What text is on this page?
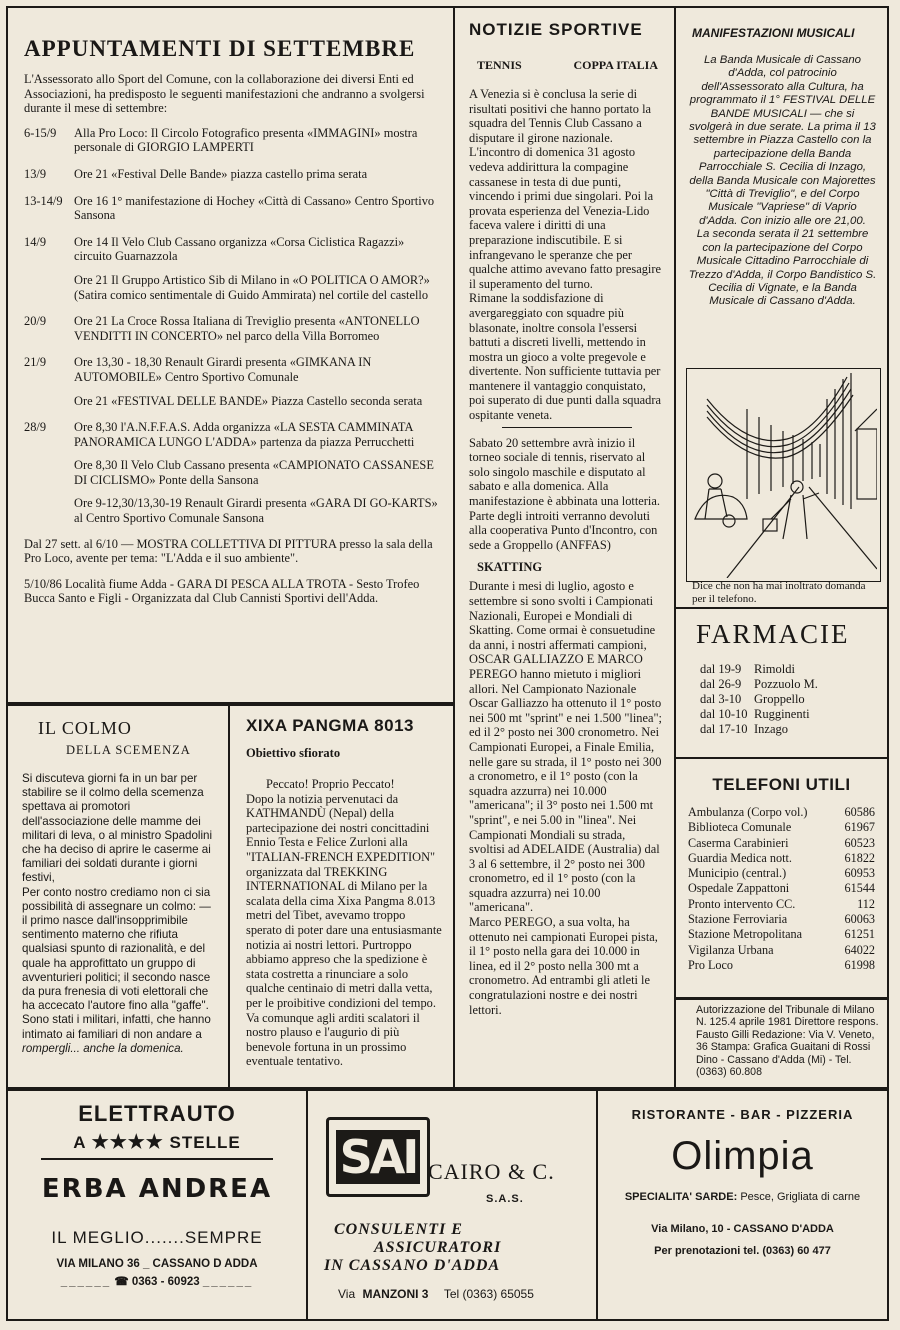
APPUNTAMENTI DI SETTEMBRE

L'Assessorato allo Sport del Comune, con la collaborazione dei diversi Enti ed Associazioni, ha predisposto le seguenti manifestazioni che andranno a svolgersi durante il mese di settembre:

6-15/9	Alla Pro Loco: Il Circolo Fotografico presenta «IMMAGINI» mostra personale di GIORGIO LAMPERTI

13/9	Ore 21 «Festival Delle Bande» piazza castello prima serata

13-14/9 Ore 16 1° manifestazione di Hochey «Città di Cassano» Centro Sportivo Sansona

14/9	Ore 14 Il Velo Club Cassano organizza «Corsa Ciclistica Ragazzi» circuito Guarnazzola

Ore 21 Il Gruppo Artistico Sib di Milano in «O POLITICA O AMOR?» (Satira comico sentimentale di Guido Ammirata) nel cortile del castello

20/9	Ore 21 La Croce Rossa Italiana di Treviglio presenta «ANTONELLO VENDITTI IN CONCERTO» nel parco della Villa Borromeo

21/9	Ore 13,30 - 18,30 Renault Girardi presenta «GIMKANA IN AUTOMOBILE» Centro Sportivo Comunale

Ore 21 «FESTIVAL DELLE BANDE» Piazza Castello seconda serata

28/9	Ore 8,30 l'A.N.F.F.A.S. Adda organizza «LA SESTA CAMMINATA PANORAMICA LUNGO L'ADDA» partenza da piazza Perrucchetti

Ore 8,30 Il Velo Club Cassano presenta «CAMPIONATO CASSANESE DI CICLISMO» Ponte della Sansona

Ore 9-12,30/13,30-19 Renault Girardi presenta «GARA DI GO-KARTS» al Centro Sportivo Comunale Sansona

Dal 27 sett. al 6/10 — MOSTRA COLLETTIVA DI PITTURA presso la sala della Pro Loco, avente per tema: "L'Adda e il suo ambiente".

5/10/86 Località fiume Adda - GARA DI PESCA ALLA TROTA - Sesto Trofeo Bucca Santo e Figli - Organizzata dal Club Cannisti Sportivi dell'Adda.

NOTIZIE SPORTIVE
TENNIS	COPPA ITALIA

A Venezia si è conclusa la serie di risultati positivi che hanno portato la squadra del Tennis Club Cassano a disputare il girone nazionale. L'incontro di domenica 31 agosto vedeva addirittura la compagine cassanese in testa di due punti, vincendo i primi due singolari. Poi la provata esperienza del Venezia-Lido faceva valere i diritti di una preparazione indiscutibile. E si infrangevano le speranze che per qualche attimo avevano fatto presagire il superamento del turno.

Rimane la soddisfazione di avergareggiato con squadre più blasonate, inoltre consola l'essersi battuti a discreti livelli, mettendo in mostra un gioco a volte pregevole e divertente. Non sufficiente tuttavia per mantenere il vantaggio conquistato, poi superato di due punti dalla squadra ospitante veneta.

Sabato 20 settembre avrà inizio il torneo sociale di tennis, riservato al solo singolo maschile e disputato al sabato e alla domenica. Alla manifestazione è abbinata una lotteria. Parte degli introiti verranno devoluti alla cooperativa Punto d'Incontro, con sede a Groppello (ANFFAS)

SKATTING

Durante i mesi di luglio, agosto e settembre si sono svolti i Campionati Nazionali, Europei e Mondiali di Skatting. Come ormai è consuetudine da anni, i nostri affermati campioni, OSCAR GALLIAZZO E MARCO PEREGO hanno mietuto i migliori allori. Nel Campionato Nazionale Oscar Galliazzo ha ottenuto il 1° posto nei 500 mt "sprint" e nei 1.500 "linea"; ed il 2° posto nei 300 cronometro. Nei Campionati Europei, a Finale Emilia, nelle gare su strada, il 1° posto nei 300 a cronometro, e il 1° posto (con la squadra azzurra) nei 10.000 "americana"; il 3° posto nei 1.500 mt "sprint", e nei 5.00 in "linea". Nei Campionati Mondiali su strada, svoltisi ad ADELAIDE (Australia) dal 3 al 6 settembre, il 2° posto nei 300 cronometro, ed il 1° posto (con la squadra azzurra) nei 10.00 "americana".

Marco PEREGO, a sua volta, ha ottenuto nei campionati Europei pista, il 1° posto nella gara dei 10.000 in linea, ed il 2° posto nella 300 mt a cronometro. Ad entrambi gli atleti le congratulazioni nostre e dei nostri lettori.

MANIFESTAZIONI MUSICALI

La Banda Musicale di Cassano d'Adda, col patrocinio dell'Assessorato alla Cultura, ha programmato il 1° FESTIVAL DELLE BANDE MUSICALI — che si svolgerà in due serate. La prima il 13 settembre in Piazza Castello con la partecipazione della Banda Parrocchiale S. Cecilia di Inzago, della Banda Musicale con Majorettes "Città di Treviglio", e del Corpo Musicale "Vapriese" di Vaprio d'Adda. Con inizio alle ore 21,00.

La seconda serata il 21 settembre con la partecipazione del Corpo Musicale Cittadino Parrocchiale di Trezzo d'Adda, il Corpo Bandistico S. Cecilia di Vignate, e la Banda Musicale di Cassano d'Adda.

Dice che non ha mai inoltrato domanda per il telefono.

FARMACIE
dal 19-9	Rimoldi
dal 26-9	Pozzuolo M.
dal 3-10	Groppello
dal 10-10 Rugginenti
dal 17-10 Inzago
TELEFONI UTILI
Ambulanza (Corpo vol.)	60586
Biblioteca Comunale	61967
Caserma Carabinieri	60523
Guardia Medica nott.	61822
Municipio (central.)	60953
Ospedale Zappattoni	61544
Pronto intervento CC.	112
Stazione Ferroviaria	60063
Stazione Metropolitana	61251
Vigilanza Urbana	64022
Pro Loco	61998

Autorizzazione del Tribunale di Milano N. 125.4 aprile 1981 Direttore respons. Fausto Gilli Redazione: Via V. Veneto, 36 Stampa: Grafica Guaitani di Rossi Dino - Cassano d'Adda (Mi) - Tel. (0363) 60.808

IL COLMO
DELLA SCEMENZA

Si discuteva giorni fa in un bar per stabilire se il colmo della scemenza spettava ai promotori dell'associazione delle mamme dei militari di leva, o al ministro Spadolini che ha deciso di aprire le caserme ai familiari dei soldati durante i giorni festivi,

Per conto nostro crediamo non ci sia possibilità di assegnare un colmo: — il primo nasce dall'insopprimibile sentimento materno che rifiuta qualsiasi spunto di razionalità, e del quale ha approfittato un gruppo di avventurieri politici; il secondo nasce da pura frenesia di voti elettorali che ha accecato l'autore fino alla "gaffe". Sono stati i militari, infatti, che hanno intimato ai familiari di non andare a

rompergli... anche la domenica.

XIXA PANGMA 8013
Obiettivo sfiorato

Peccato! Proprio Peccato!

Dopo la notizia pervenutaci da KATHMANDÙ (Nepal) della partecipazione dei nostri concittadini Ennio Testa e Felice Zurloni alla "ITALIAN-FRENCH EXPEDITION" organizzata dal TREKKING INTERNATIONAL di Milano per la scalata della cima Xixa Pangma 8.013 metri del Tibet, avevamo troppo sperato di poter dare una entusiasmante notizia ai nostri lettori. Purtroppo abbiamo appreso che la spedizione è stata costretta a rinunciare a solo qualche centinaio di metri dalla vetta, per le proibitive condizioni del tempo. Va comunque agli arditi scalatori il nostro plauso e l'augurio di più benevole fortuna in un prossimo eventuale tentativo.

ELETTRAUTO
A ★★★★ STELLE
ERBA ANDREA
IL MEGLIO.......SEMPRE
VIA MILANO 36 _ CASSANO D ADDA
______ ☎ 0363 - 60923 ______
SAI CAIRO & C.
S.A.S.
CONSULENTI E
ASSICURATORI
IN CASSANO D'ADDA
Via MANZONI 3 Tel (0363) 65055
RISTORANTE - BAR - PIZZERIA
Olimpia
SPECIALITA' SARDE: Pesce, Grigliata di carne
Via Milano, 10 - CASSANO D'ADDA
Per prenotazioni tel. (0363) 60 477
